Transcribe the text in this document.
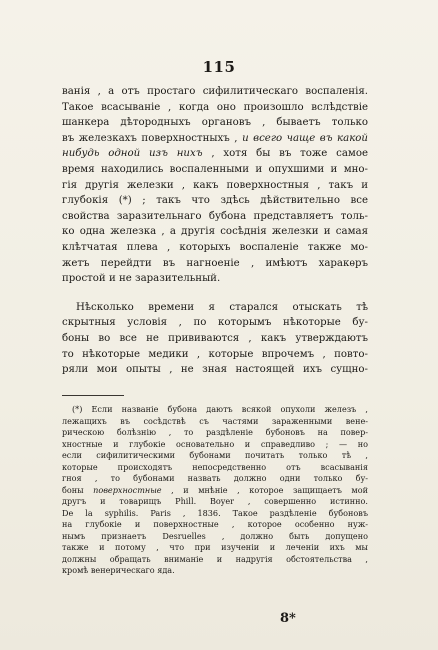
115
ванія , а отъ простаго сифилитическаго воспаленія.
Такое всасываніе , когда оно произошло вслѣдствіе
шанкера дѣтородныхъ органовъ , бываетъ только
въ железкахъ поверхностныхъ , и всего чаще въ какой
нибудь одной изъ нихъ , хотя бы въ тоже самое
время находились воспаленными и опухшими и мно-
гія другія железки , какъ поверхностныя , такъ и
глубокія (*) ; такъ что здѣсь дѣйствительно все
свойства заразительнаго бубона представляетъ толь-
ко одна железка , а другія сосѣднія железки и самая
клѣтчатая плева , которыхъ воспаленіе также мо-
жетъ перейдти въ нагноеніе , имѣютъ харакѳръ
простой и не заразительный.
Нѣсколько времени я старался отыскать тѣ
скрытныя условія , по которымъ нѣкоторые бу-
боны во все не прививаются , какъ утверждаютъ
то нѣкоторые медики , которые впрочемъ , повто-
ряли мои опыты , не зная настоящей ихъ сущно-
(*) Если названіе бубона даютъ всякой опухоли железъ ,
лежащихъ въ сосѣдствѣ съ частями зараженными вене-
рическою болѣзнію , то раздѣленіе бубоновъ на повер-
хностные и глубокіе основательно и справедливо ; — но
если сифилитическими бубонами почитать только тѣ ,
которые происходятъ непосредственно отъ всасыванія
гноя , то бубонами назвать должно одни только бу-
боны поверхностные , и мнѣніе , которое защищаетъ мой
другъ и товарищъ Phill. Boyer , совершенно истинно.
De la syphilis. Paris , 1836. Такое раздѣленіе бубоновъ
на глубокіе и поверхностные , которое особенно нуж-
нымъ признаетъ Desruelles , должно быть допущено
также и потому , что при изученіи и леченіи ихъ мы
должны обращать вниманіе и надругія обстоятельства ,
кромѣ венерическаго яда.
8*
